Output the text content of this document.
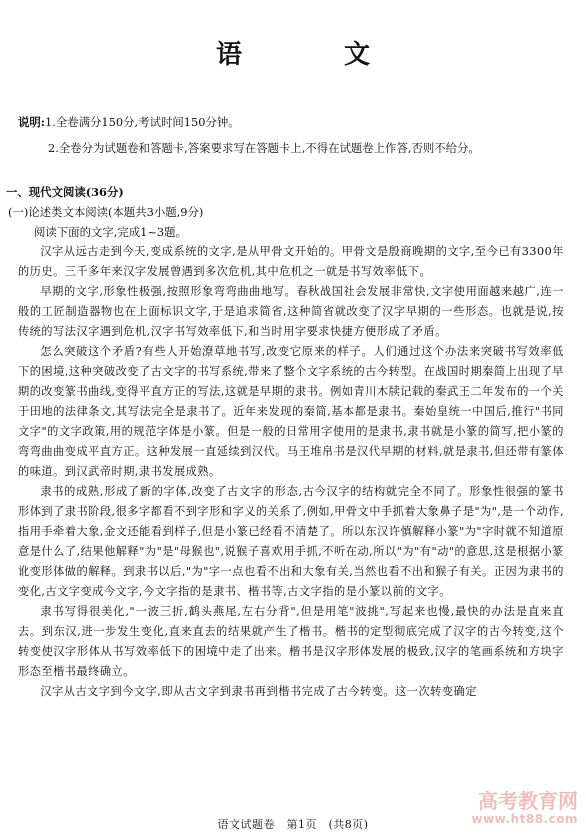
语　文
说明:1.全卷满分150分,考试时间150分钟。
2.全卷分为试题卷和答题卡,答案要求写在答题卡上,不得在试题卷上作答,否则不给分。
一、现代文阅读(36分)
(一)论述类文本阅读(本题共3小题,9分)
阅读下面的文字,完成1~3题。

汉字从远古走到今天,变成系统的文字,是从甲骨文开始的。甲骨文是殷商晚期的文字,至今已有3300年的历史。三千多年来汉字发展曾遇到多次危机,其中危机之一就是书写效率低下。

早期的文字,形象性极强,按照形象弯弯曲曲地写。春秋战国社会发展非常快,文字使用面越来越广,连一般的工匠制造器物也在上面标识文字,于是追求简省,这种简省就改变了汉字早期的一些形态。也就是说,按传统的写法汉字遇到危机,汉字书写效率低下,和当时用字要求快捷方便形成了矛盾。

怎么突破这个矛盾?有些人开始潦草地书写,改变它原来的样子。人们通过这个办法来突破书写效率低下的困境,这种突破改变了古文字的书写系统,带来了整个文字系统的古今转型。在战国时期秦简上出现了早期的改变篆书曲线,变得平直方正的写法,这就是早期的隶书。例如青川木牍记载的秦武王二年发布的一个关于田地的法律条文,其写法完全是隶书了。近年来发现的秦简,基本都是隶书。秦始皇统一中国后,推行"书同文字"的文字政策,用的规范字体是小篆。但是一般的日常用字使用的是隶书,隶书就是小篆的简写,把小篆的弯弯曲曲变成平直方正。这种发展一直延续到汉代。马王堆帛书是汉代早期的材料,就是隶书,但还带有篆体的味道。到汉武帝时期,隶书发展成熟。

隶书的成熟,形成了新的字体,改变了古文字的形态,古今汉字的结构就完全不同了。形象性很强的篆书形体到了隶书阶段,很多字都看不到字形和字义的关系了,例如,甲骨文中手抓着大象鼻子是"为",是一个动作,指用手牵着大象,金文还能看到样子,但是小篆已经看不清楚了。所以东汉许慎解释小篆"为"字时就不知道原意是什么了,结果他解释"为"是"母猴也",说猴子喜欢用手抓,不听在动,所以"为"有"动"的意思,这是根据小篆讹变形体做的解释。到隶书以后,"为"字一点也看不出和大象有关,当然也看不出和猴子有关。正因为隶书的变化,古文字变成今文字,今文字指的是隶书、楷书等,古文字指的是小篆以前的文字。

隶书写得很美化,"一波三折,鹤头燕尾,左右分背",但是用笔"波挑",写起来也慢,最快的办法是直来直去。到东汉,进一步发生变化,直来直去的结果就产生了楷书。楷书的定型彻底完成了汉字的古今转变,这个转变使汉字形体从书写效率低下的困境中走了出来。楷书是汉字形体发展的极致,汉字的笔画系统和方块字形态至楷书最终确立。

汉字从古文字到今文字,即从古文字到隶书再到楷书完成了古今转变。这一次转变确定

语文试题卷　第1页　(共8页)
高考教育网
www.ht88.com
